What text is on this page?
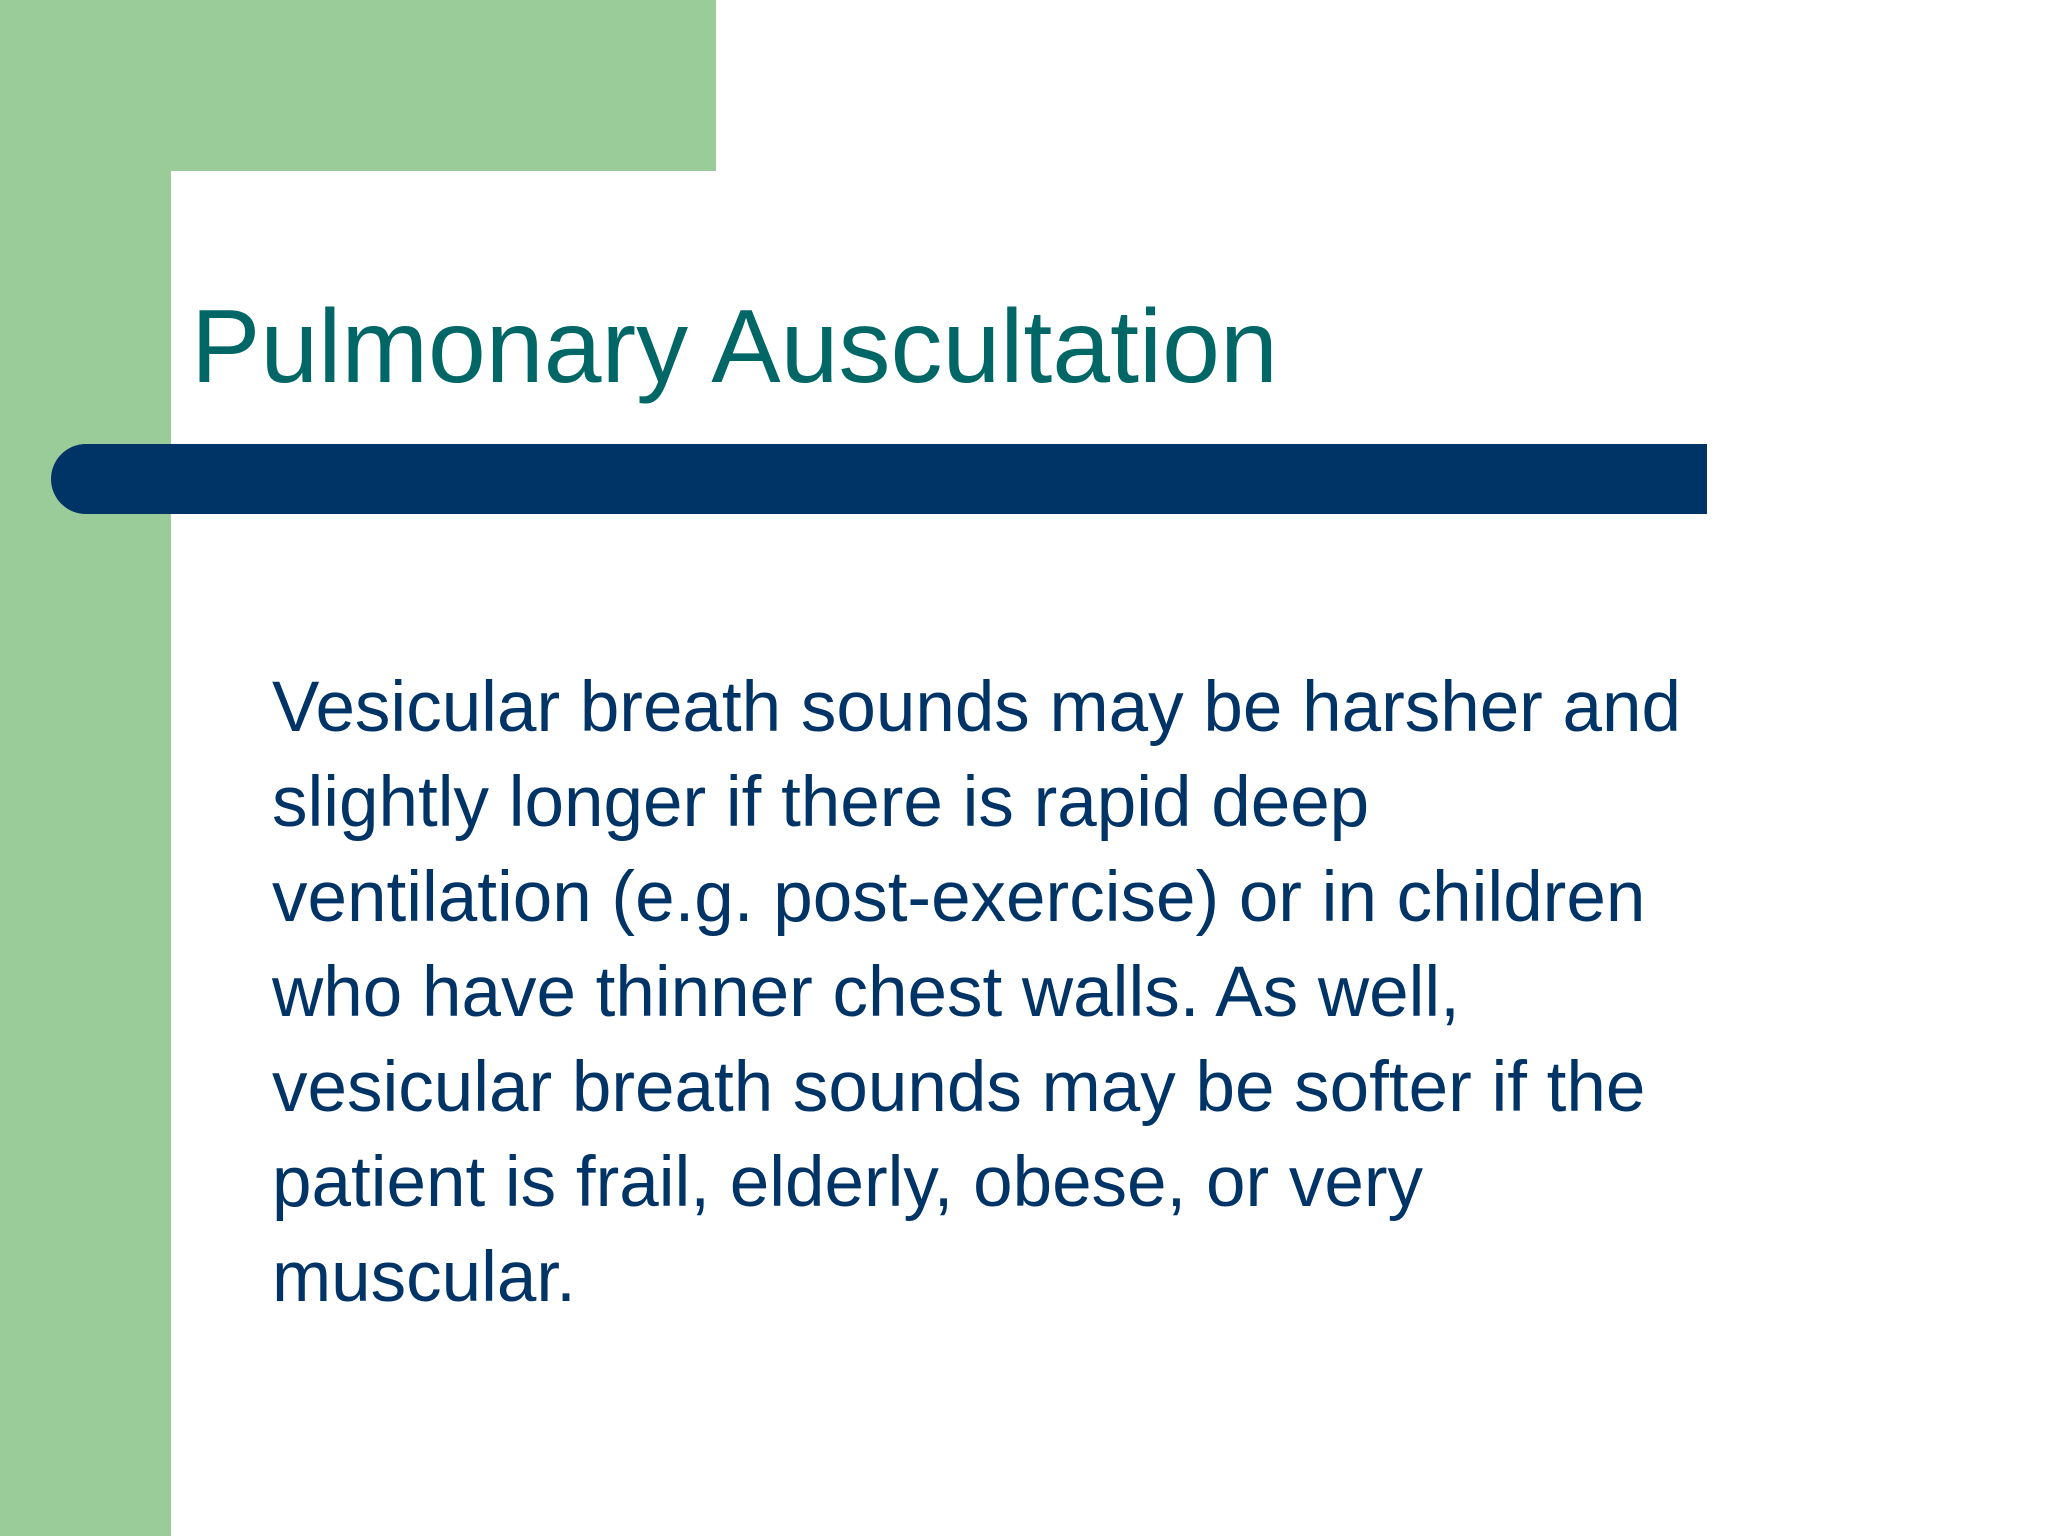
Pulmonary Auscultation

Vesicular breath sounds may be harsher and
slightly longer if there is rapid deep
ventilation (e.g. post-exercise) or in children
who have thinner chest walls. As well,
vesicular breath sounds may be softer if the
patient is frail, elderly, obese, or very
muscular.
